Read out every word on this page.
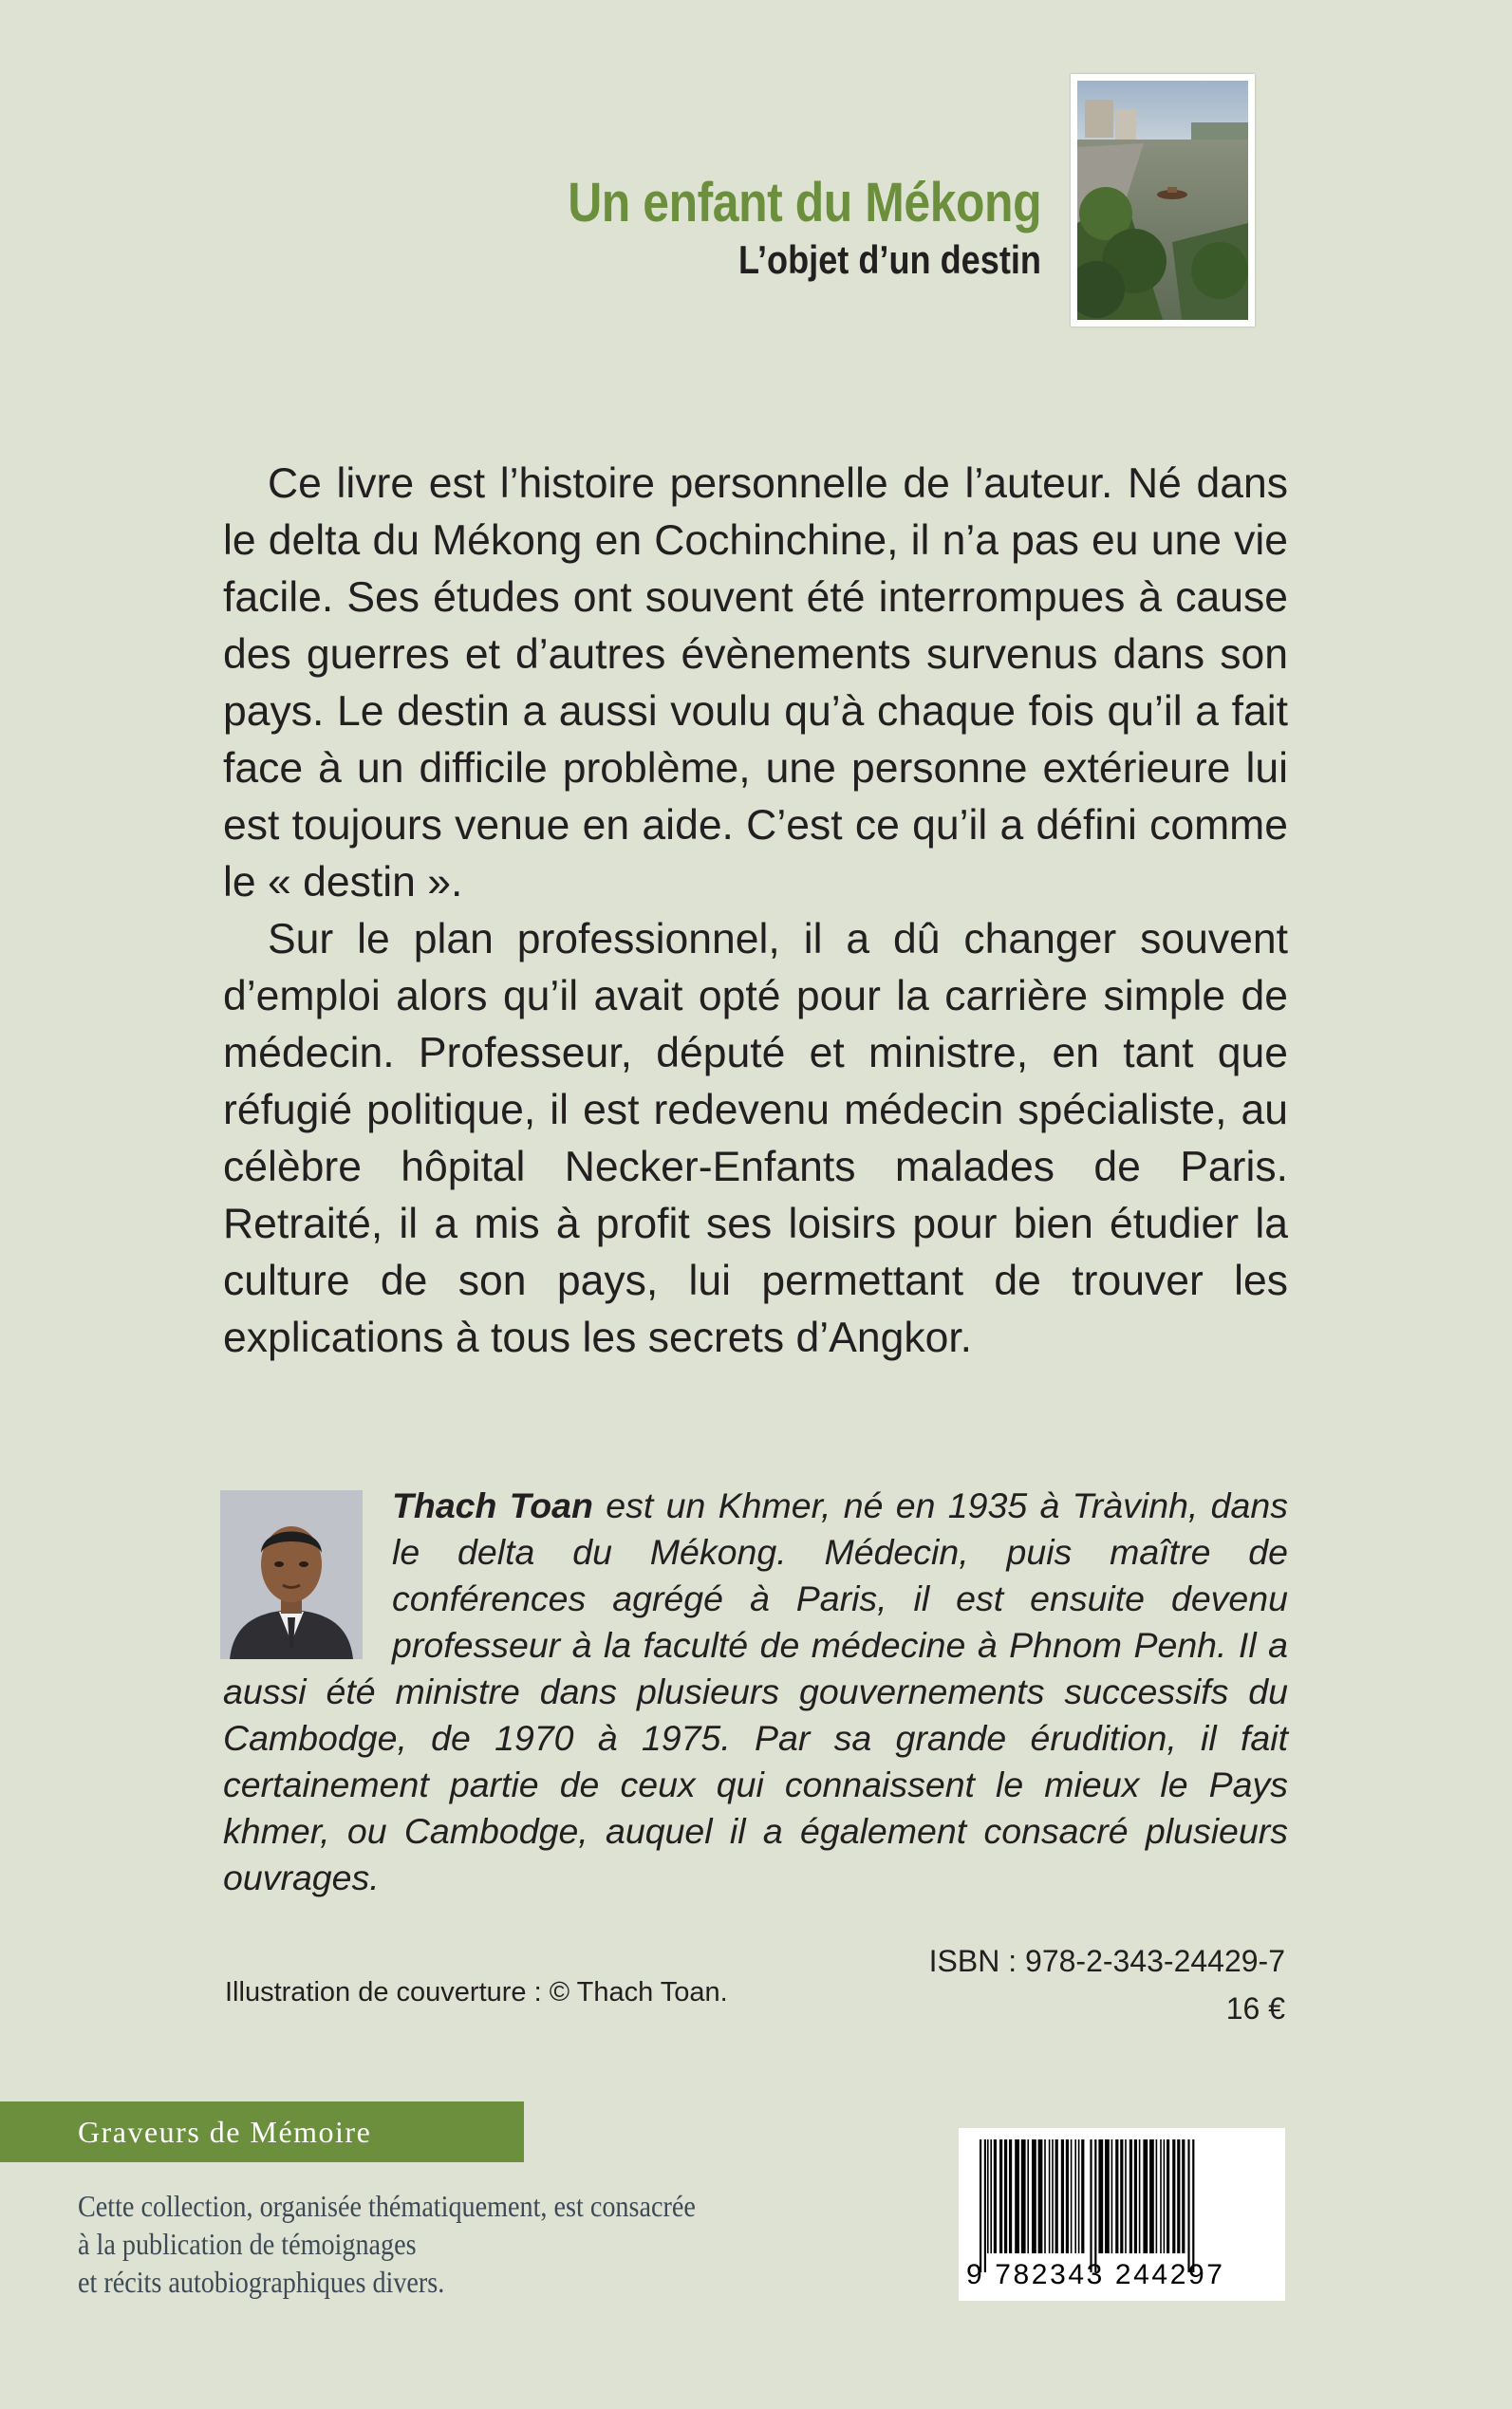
Un enfant du Mékong
L’objet d’un destin

Ce livre est l’histoire personnelle de l’auteur. Né dans le delta du Mékong en Cochinchine, il n’a pas eu une vie facile. Ses études ont souvent été interrompues à cause des guerres et d’autres évènements survenus dans son pays. Le destin a aussi voulu qu’à chaque fois qu’il a fait face à un difficile problème, une personne extérieure lui est toujours venue en aide. C’est ce qu’il a défini comme le « destin ».

Sur le plan professionnel, il a dû changer souvent d’emploi alors qu’il avait opté pour la carrière simple de médecin. Professeur, député et ministre, en tant que réfugié politique, il est redevenu médecin spécialiste, au célèbre hôpital Necker-Enfants malades de Paris. Retraité, il a mis à profit ses loisirs pour bien étudier la culture de son pays, lui permettant de trouver les explications à tous les secrets d’Angkor.

Thach Toan est un Khmer, né en 1935 à Tràvinh, dans le delta du Mékong. Médecin, puis maître de conférences agrégé à Paris, il est ensuite devenu professeur à la faculté de médecine à Phnom Penh. Il a aussi été ministre dans plusieurs gouvernements successifs du Cambodge, de 1970 à 1975. Par sa grande érudition, il fait certainement partie de ceux qui connaissent le mieux le Pays khmer, ou Cambodge, auquel il a également consacré plusieurs ouvrages.
Illustration de couverture : © Thach Toan.
ISBN : 978-2-343-24429-7
16 €
Graveurs de Mémoire
Cette collection, organisée thématiquement, est consacrée
à la publication de témoignages
et récits autobiographiques divers.	9 782343 244297
